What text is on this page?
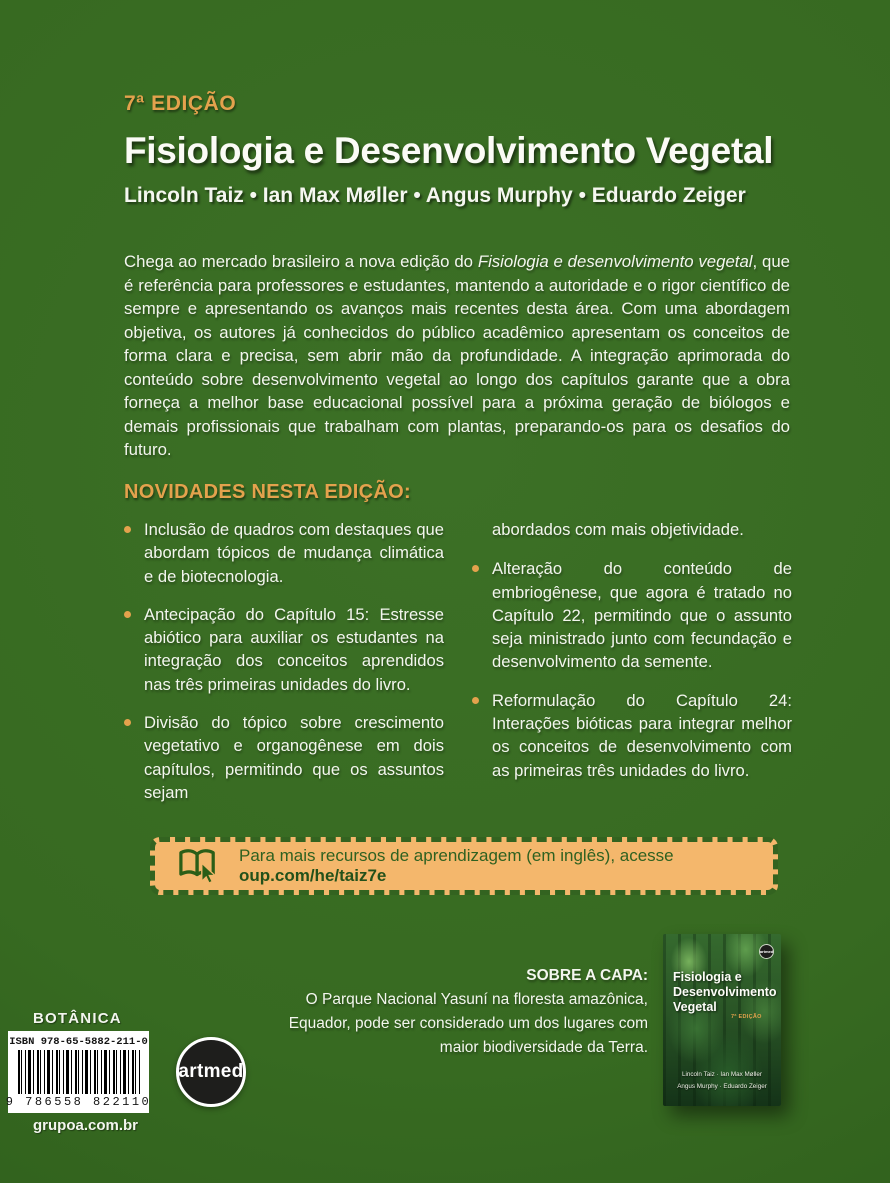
7ª EDIÇÃO
Fisiologia e Desenvolvimento Vegetal
Lincoln Taiz • Ian Max Møller • Angus Murphy • Eduardo Zeiger

Chega ao mercado brasileiro a nova edição do Fisiologia e desenvolvimento vegetal, que é referência para professores e estudantes, mantendo a autoridade e o rigor científico de sempre e apresentando os avanços mais recentes desta área. Com uma abordagem objetiva, os autores já conhecidos do público acadêmico apresentam os conceitos de forma clara e precisa, sem abrir mão da profundidade. A integração aprimorada do conteúdo sobre desenvolvimento vegetal ao longo dos capítulos garante que a obra forneça a melhor base educacional possível para a próxima geração de biólogos e demais profissionais que trabalham com plantas, preparando-os para os desafios do futuro.

NOVIDADES NESTA EDIÇÃO:
Inclusão de quadros com destaques que abordam tópicos de mudança climática e de biotecnologia.
Antecipação do Capítulo 15: Estresse abiótico para auxiliar os estudantes na integração dos conceitos aprendidos nas três primeiras unidades do livro.
Divisão do tópico sobre crescimento vegetativo e organogênese em dois capítulos, permitindo que os assuntos sejam
abordados com mais objetividade.
Alteração do conteúdo de embriogênese, que agora é tratado no Capítulo 22, permitindo que o assunto seja ministrado junto com fecundação e desenvolvimento da semente.
Reformulação do Capítulo 24: Interações bióticas para integrar melhor os conceitos de desenvolvimento com as primeiras três unidades do livro.
Para mais recursos de aprendizagem (em inglês), acesse oup.com/he/taiz7e
SOBRE A CAPA:
O Parque Nacional Yasuní na floresta amazônica,
Equador, pode ser considerado um dos lugares com
maior biodiversidade da Terra.
artmed
Fisiologia e
Desenvolvimento
Vegetal
7ª EDIÇÃO
Lincoln Taiz · Ian Max Møller
Angus Murphy · Eduardo Zeiger
BOTÂNICA
ISBN 978-65-5882-211-0
9 786558 822110
artmed
grupoa.com.br
